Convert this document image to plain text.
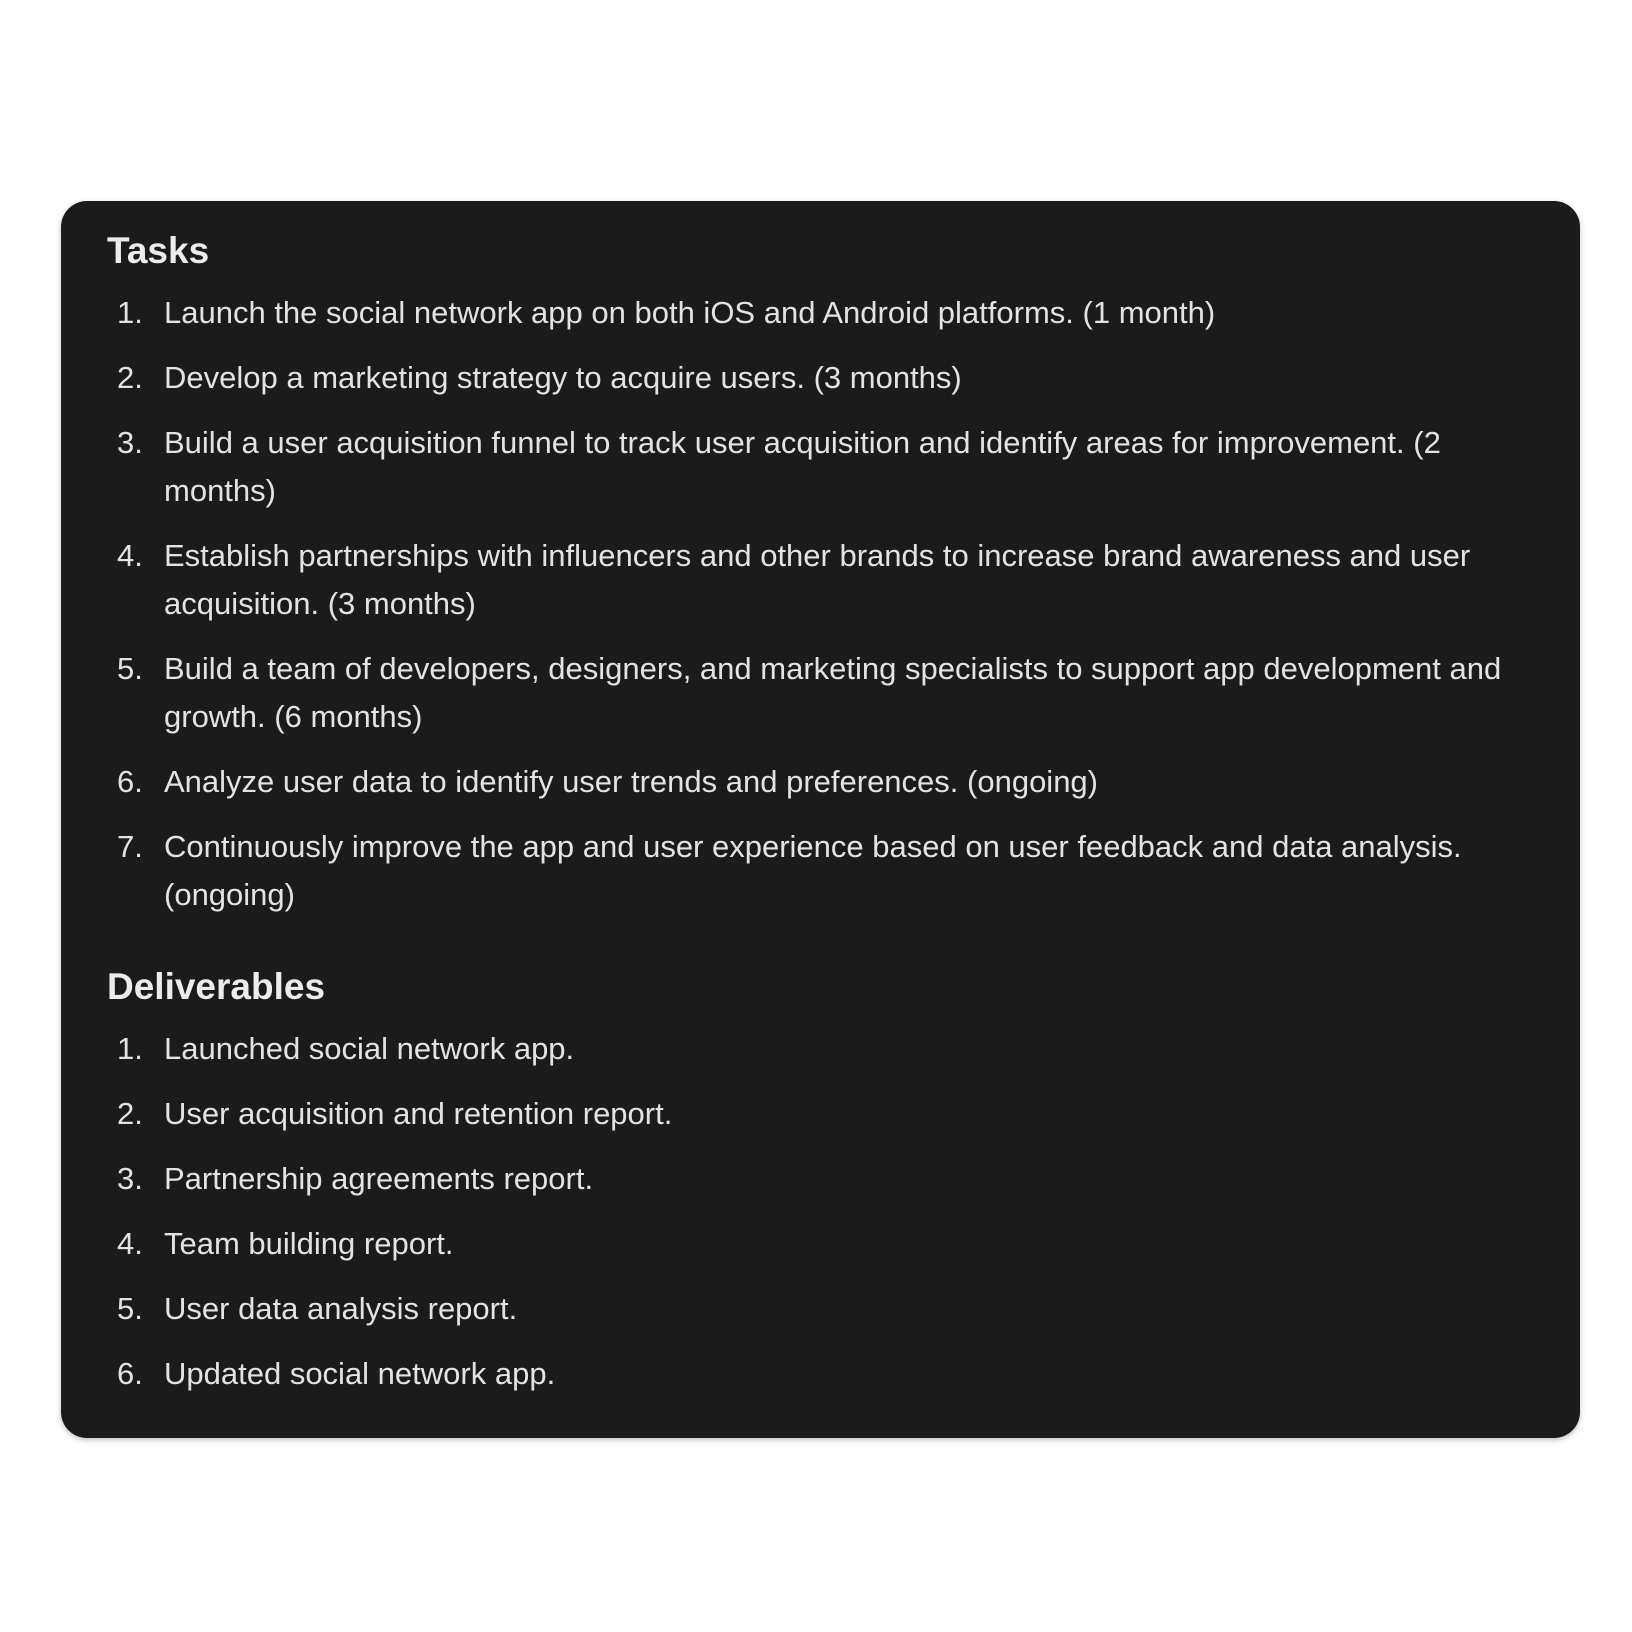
Tasks
1. Launch the social network app on both iOS and Android platforms. (1 month)
2. Develop a marketing strategy to acquire users. (3 months)
3. Build a user acquisition funnel to track user acquisition and identify areas for improvement. (2 months)
4. Establish partnerships with influencers and other brands to increase brand awareness and user acquisition. (3 months)
5. Build a team of developers, designers, and marketing specialists to support app development and growth. (6 months)
6. Analyze user data to identify user trends and preferences. (ongoing)
7. Continuously improve the app and user experience based on user feedback and data analysis. (ongoing)
Deliverables
1. Launched social network app.
2. User acquisition and retention report.
3. Partnership agreements report.
4. Team building report.
5. User data analysis report.
6. Updated social network app.
